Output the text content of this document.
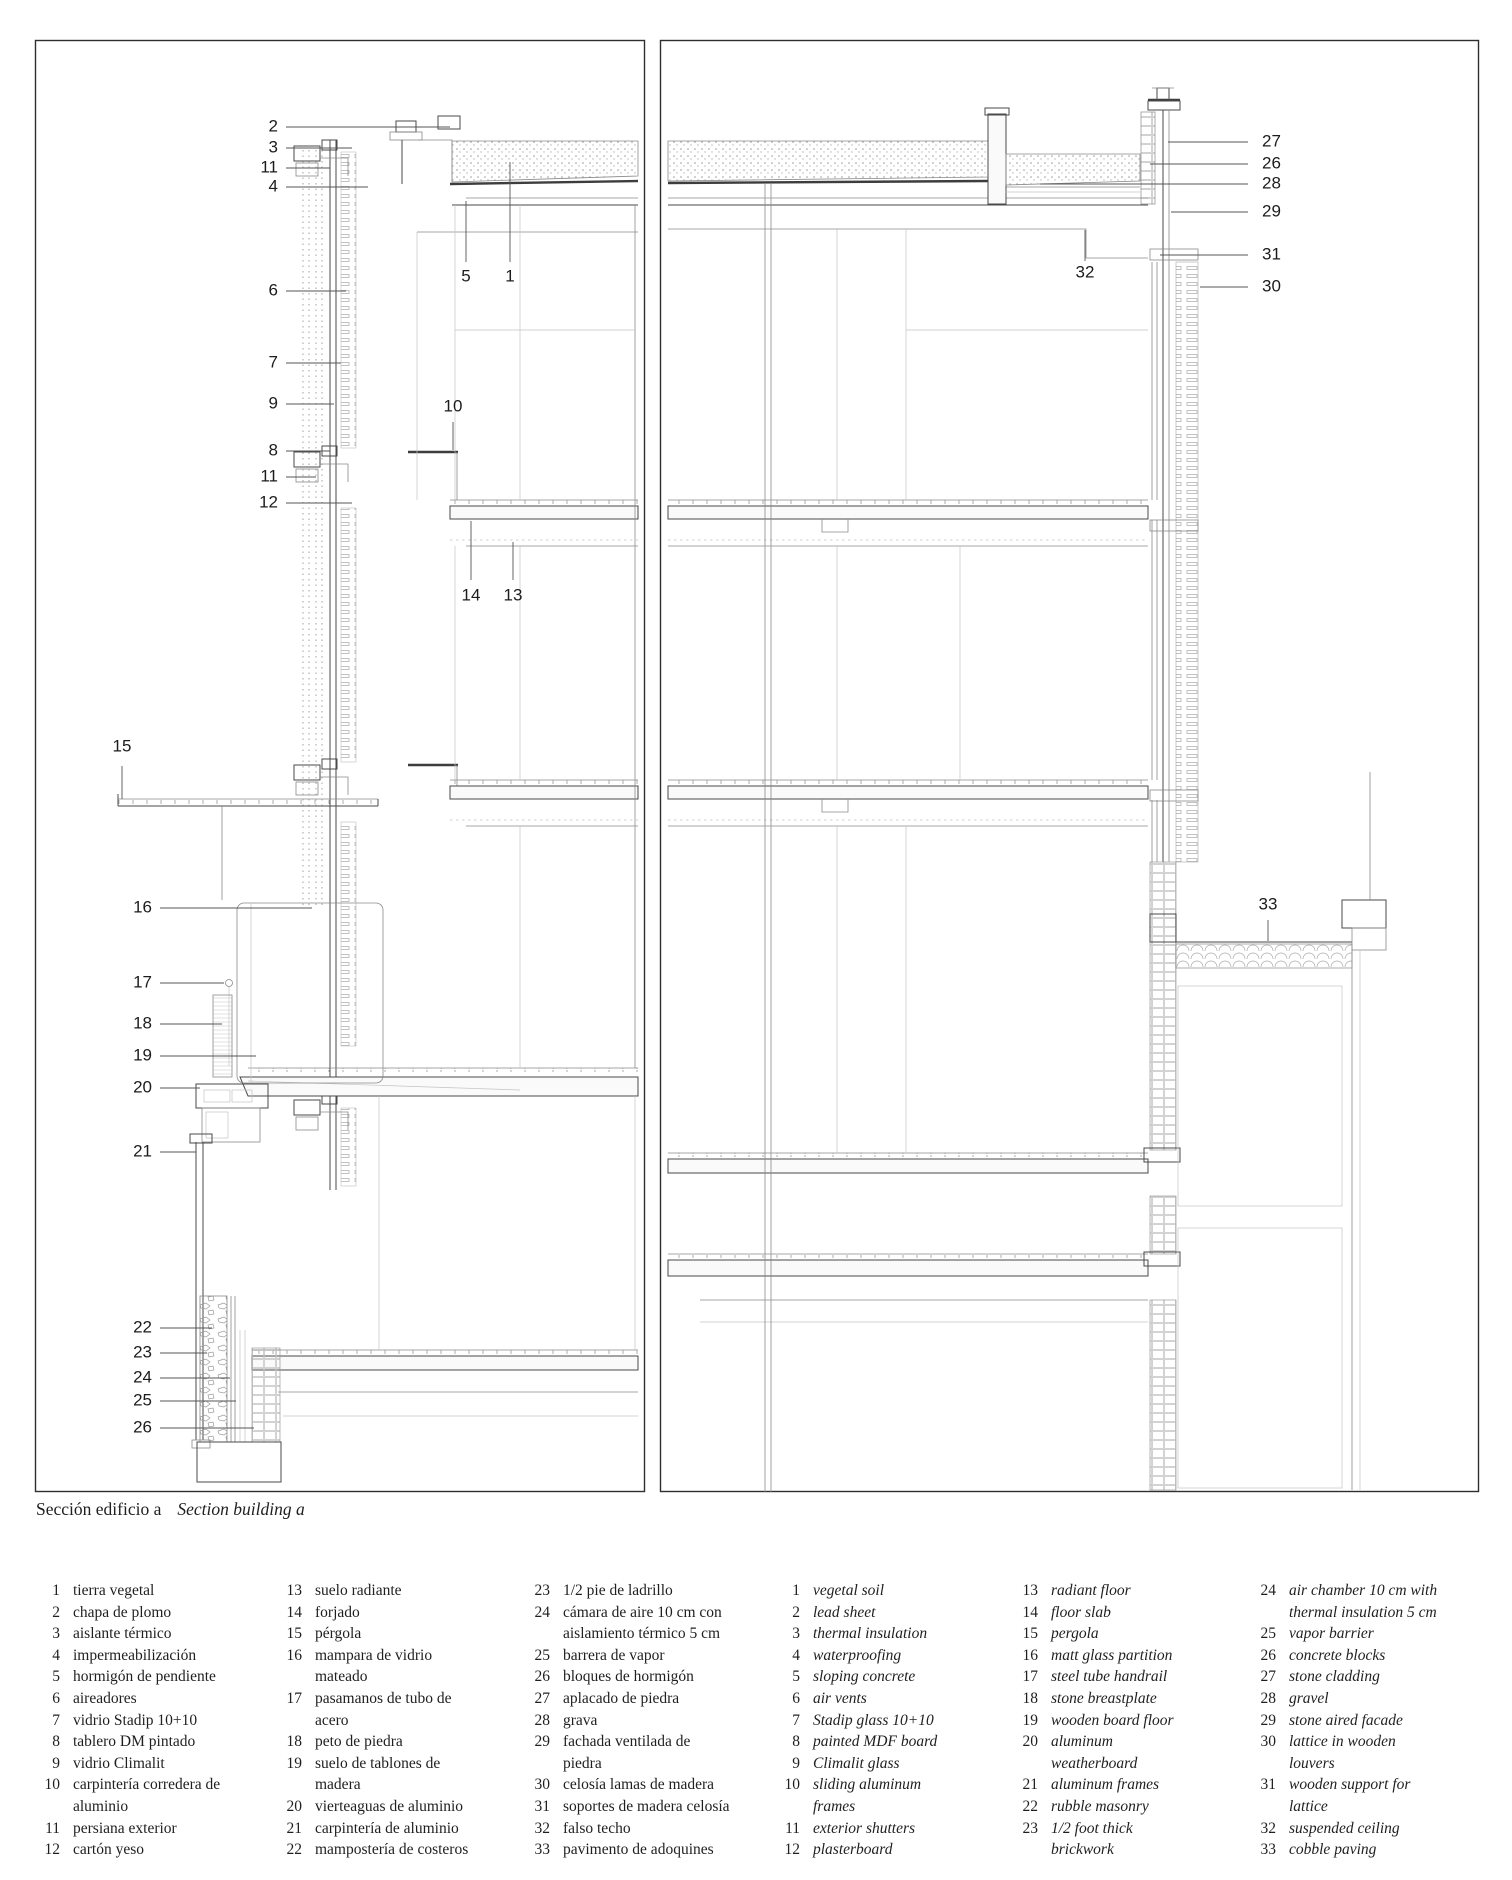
2
3
11
4
6
7
9
8
11
12
5 1
10
14 13
15
16
17
18
19
20
21
22
23
24
25
26
27
26
28
29
31
30
32
33
Sección edificio a Section building a
1 tierra vegetal
2 chapa de plomo
3 aislante térmico
4 impermeabilización
5 hormigón de pendiente
6 aireadores
7 vidrio Stadip 10+10
8 tablero DM pintado
9 vidrio Climalit
10 carpintería corredera de
aluminio
11 persiana exterior
12 cartón yeso
13 suelo radiante
14 forjado
15 pérgola
16 mampara de vidrio
mateado
17 pasamanos de tubo de
acero
18 peto de piedra
19 suelo de tablones de
madera
20 vierteaguas de aluminio
21 carpintería de aluminio
22 mampostería de costeros
23 1/2 pie de ladrillo
24 cámara de aire 10 cm con
aislamiento térmico 5 cm
25 barrera de vapor
26 bloques de hormigón
27 aplacado de piedra
28 grava
29 fachada ventilada de
piedra
30 celosía lamas de madera
31 soportes de madera celosía
32 falso techo
33 pavimento de adoquines
1 vegetal soil
2 lead sheet
3 thermal insulation
4 waterproofing
5 sloping concrete
6 air vents
7 Stadip glass 10+10
8 painted MDF board
9 Climalit glass
10 sliding aluminum
frames
11 exterior shutters
12 plasterboard
13 radiant floor
14 floor slab
15 pergola
16 matt glass partition
17 steel tube handrail
18 stone breastplate
19 wooden board floor
20 aluminum
weatherboard
21 aluminum frames
22 rubble masonry
23 1/2 foot thick
brickwork
24 air chamber 10 cm with
thermal insulation 5 cm
25 vapor barrier
26 concrete blocks
27 stone cladding
28 gravel
29 stone aired facade
30 lattice in wooden
louvers
31 wooden support for
lattice
32 suspended ceiling
33 cobble paving
